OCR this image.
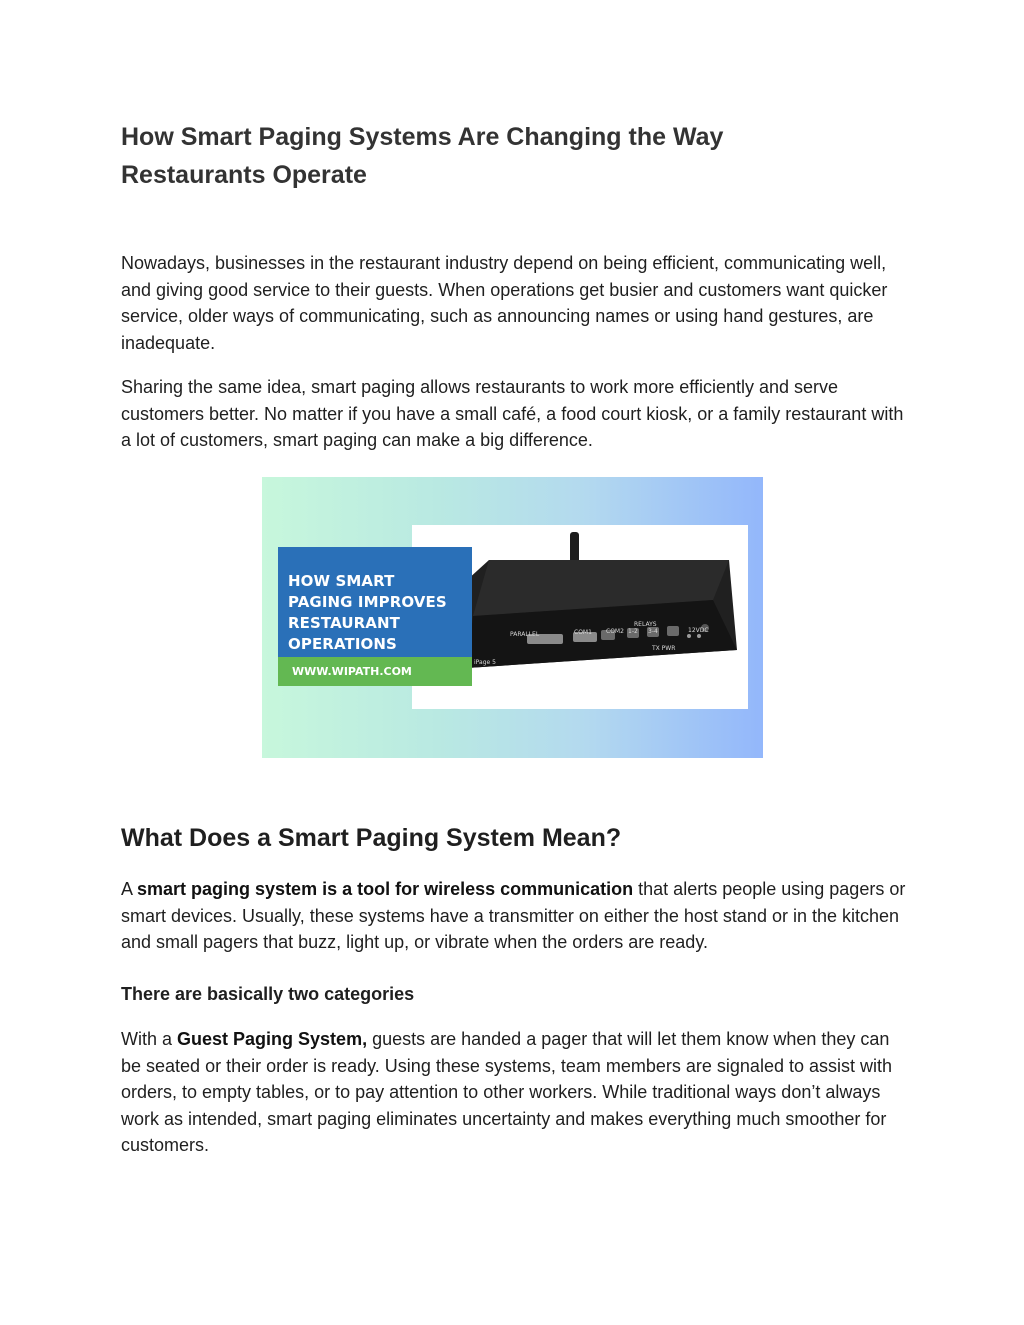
How Smart Paging Systems Are Changing the Way
Restaurants Operate

Nowadays, businesses in the restaurant industry depend on being efficient, communicating well, and giving good service to their guests. When operations get busier and customers want quicker service, older ways of communicating, such as announcing names or using hand gestures, are inadequate.

Sharing the same idea, smart paging allows restaurants to work more efficiently and serve customers better. No matter if you have a small café, a food court kiosk, or a family restaurant with a lot of customers, smart paging can make a big difference.

PARALLEL	COM1 COM2
RELAYS
1-2 3-4	12VDC
TX PWR
iPage 5
HOW SMART
PAGING IMPROVES
RESTAURANT
OPERATIONS
WWW.WIPATH.COM
What Does a Smart Paging System Mean?

A smart paging system is a tool for wireless communication that alerts people using pagers or smart devices. Usually, these systems have a transmitter on either the host stand or in the kitchen and small pagers that buzz, light up, or vibrate when the orders are ready.

There are basically two categories

With a Guest Paging System, guests are handed a pager that will let them know when they can be seated or their order is ready. Using these systems, team members are signaled to assist with orders, to empty tables, or to pay attention to other workers. While traditional ways don’t always work as intended, smart paging eliminates uncertainty and makes everything much smoother for customers.
